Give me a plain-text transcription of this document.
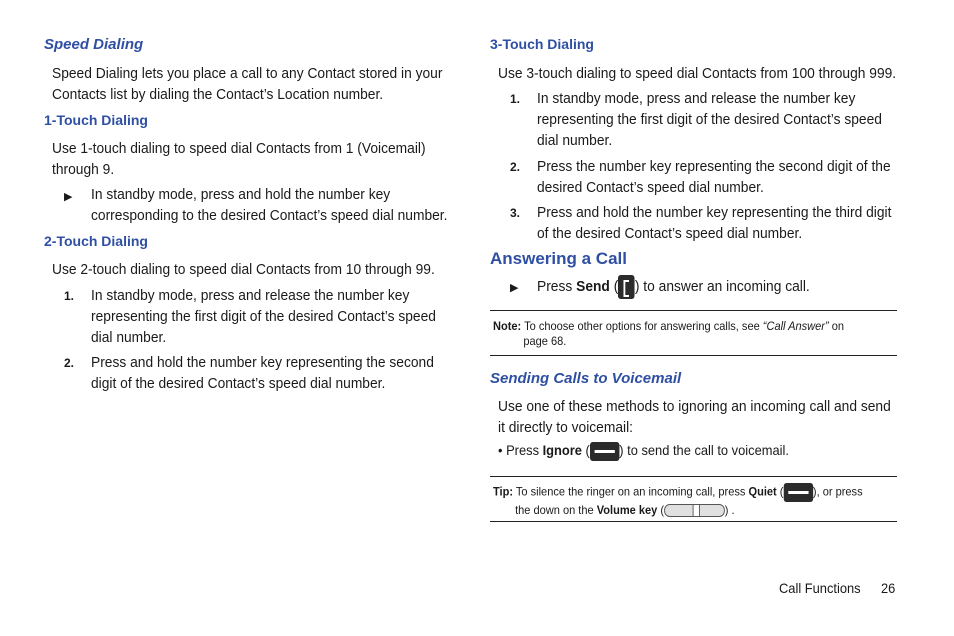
Speed Dialing
Speed Dialing lets you place a call to any Contact stored in your
Contacts list by dialing the Contact’s Location number.
1-Touch Dialing
Use 1-touch dialing to speed dial Contacts from 1 (Voicemail)
through 9.
▶ In standby mode, press and hold the number key
corresponding to the desired Contact’s speed dial number.
2-Touch Dialing
Use 2-touch dialing to speed dial Contacts from 10 through 99.
1. In standby mode, press and release the number key
representing the first digit of the desired Contact’s speed
dial number.
2. Press and hold the number key representing the second
digit of the desired Contact’s speed dial number.
3-Touch Dialing
Use 3-touch dialing to speed dial Contacts from 100 through 999.
1. In standby mode, press and release the number key
representing the first digit of the desired Contact’s speed
dial number.
2. Press the number key representing the second digit of the
desired Contact’s speed dial number.
3. Press and hold the number key representing the third digit
of the desired Contact’s speed dial number.
Answering a Call
▶ Press Send ( ) to answer an incoming call.
Note: To choose other options for answering calls, see “Call Answer” on
page 68.
Sending Calls to Voicemail
Use one of these methods to ignoring an incoming call and send
it directly to voicemail:
• Press Ignore ( ) to send the call to voicemail.
Tip: To silence the ringer on an incoming call, press Quiet ( ), or press
the down on the Volume key (	) .
Call Functions 26
